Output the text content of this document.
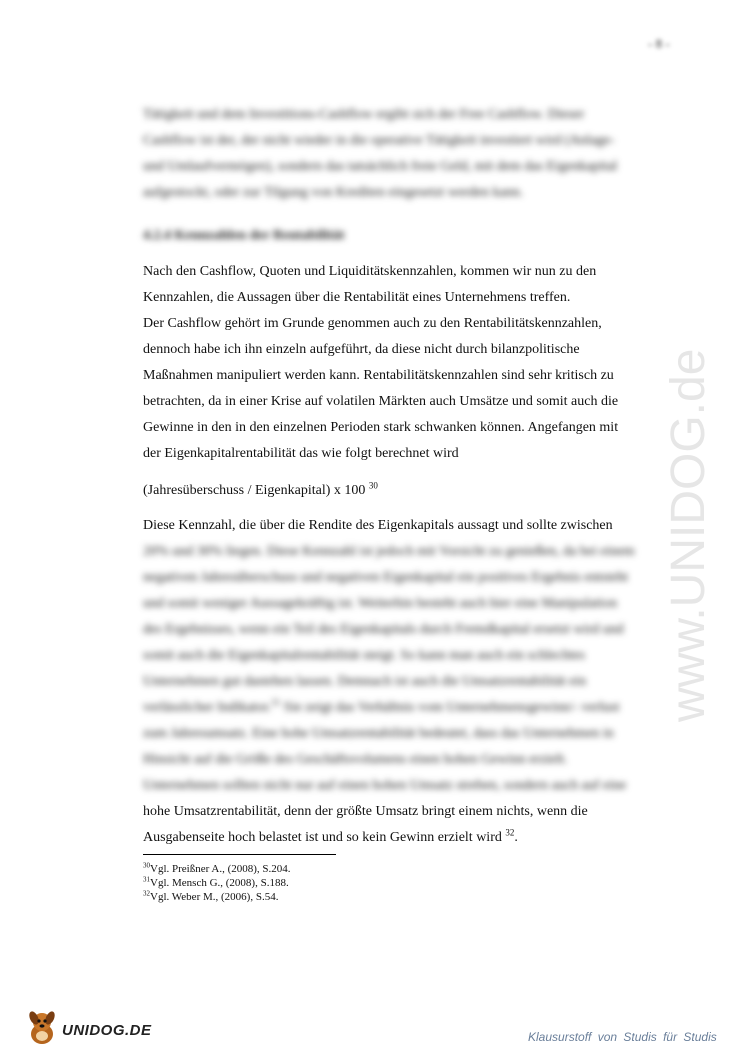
- 8 -

Tätigkeit und dem Investitions-Cashflow ergibt sich der Free Cashflow. Dieser

Cashflow ist der, der nicht wieder in die operative Tätigkeit investiert wird (Anlage-

und Umlaufvermögen), sondern das tatsächlich freie Geld, mit dem das Eigenkapital

aufgestockt, oder zur Tilgung von Krediten eingesetzt werden kann.

4.2.4 Kennzahlen der Rentabilität

Nach den Cashflow, Quoten und Liquiditätskennzahlen, kommen wir nun zu den

Kennzahlen, die Aussagen über die Rentabilität eines Unternehmens treffen.

Der Cashflow gehört im Grunde genommen auch zu den Rentabilitätskennzahlen,

dennoch habe ich ihn einzeln aufgeführt, da diese nicht durch bilanzpolitische

Maßnahmen manipuliert werden kann. Rentabilitätskennzahlen sind sehr kritisch zu

betrachten, da in einer Krise auf volatilen Märkten auch Umsätze und somit auch die

Gewinne in den in den einzelnen Perioden stark schwanken können. Angefangen mit

der Eigenkapitalrentabilität das wie folgt berechnet wird

(Jahresüberschuss / Eigenkapital) x 100 $^{30}$

Diese Kennzahl, die über die Rendite des Eigenkapitals aussagt und sollte zwischen

20% und 30% liegen. Diese Kennzahl ist jedoch mit Vorsicht zu genießen, da bei einem

negativen Jahresüberschuss und negativen Eigenkapital ein positives Ergebnis entsteht

und somit weniger Aussagekräftig ist. Weiterhin besteht auch hier eine Manipulation

des Ergebnisses, wenn ein Teil des Eigenkapitals durch Fremdkapital ersetzt wird und

somit auch die Eigenkapitalrentabilität steigt. So kann man auch ein schlechtes

Unternehmen gut dastehen lassen. Demnach ist auch die Umsatzrentabilität ein

verlässlicher Indikator.$^{31}$ Sie zeigt das Verhältnis vom Unternehmensgewinn/- verlust

zum Jahresumsatz. Eine hohe Umsatzrentabilität bedeutet, dass das Unternehmen in

Hinsicht auf die Größe des Geschäftsvolumens einen hohen Gewinn erzielt.

Unternehmen sollten nicht nur auf einen hohen Umsatz streben, sondern auch auf eine

hohe Umsatzrentabilität, denn der größte Umsatz bringt einem nichts, wenn die

Ausgabenseite hoch belastet ist und so kein Gewinn erzielt wird $^{32}$.

$^{30}$Vgl. Preißner A., (2008), S.204.
$^{31}$Vgl. Mensch G., (2008), S.188.
$^{32}$Vgl. Weber M., (2006), S.54.
www.UNIDOG.de
UNIDOG.DE	Klausurstoff von Studis für Studis
